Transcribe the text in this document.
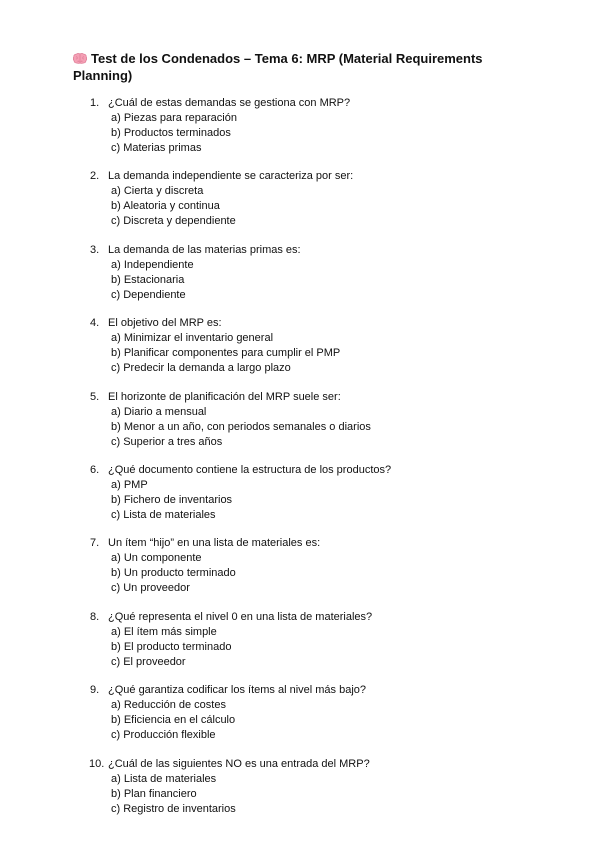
Test de los Condenados – Tema 6: MRP (Material Requirements Planning)
1. ¿Cuál de estas demandas se gestiona con MRP?
a) Piezas para reparación
b) Productos terminados
c) Materias primas
2. La demanda independiente se caracteriza por ser:
a) Cierta y discreta
b) Aleatoria y continua
c) Discreta y dependiente
3. La demanda de las materias primas es:
a) Independiente
b) Estacionaria
c) Dependiente
4. El objetivo del MRP es:
a) Minimizar el inventario general
b) Planificar componentes para cumplir el PMP
c) Predecir la demanda a largo plazo
5. El horizonte de planificación del MRP suele ser:
a) Diario a mensual
b) Menor a un año, con periodos semanales o diarios
c) Superior a tres años
6. ¿Qué documento contiene la estructura de los productos?
a) PMP
b) Fichero de inventarios
c) Lista de materiales
7. Un ítem “hijo” en una lista de materiales es:
a) Un componente
b) Un producto terminado
c) Un proveedor
8. ¿Qué representa el nivel 0 en una lista de materiales?
a) El ítem más simple
b) El producto terminado
c) El proveedor
9. ¿Qué garantiza codificar los ítems al nivel más bajo?
a) Reducción de costes
b) Eficiencia en el cálculo
c) Producción flexible
10. ¿Cuál de las siguientes NO es una entrada del MRP?
a) Lista de materiales
b) Plan financiero
c) Registro de inventarios
